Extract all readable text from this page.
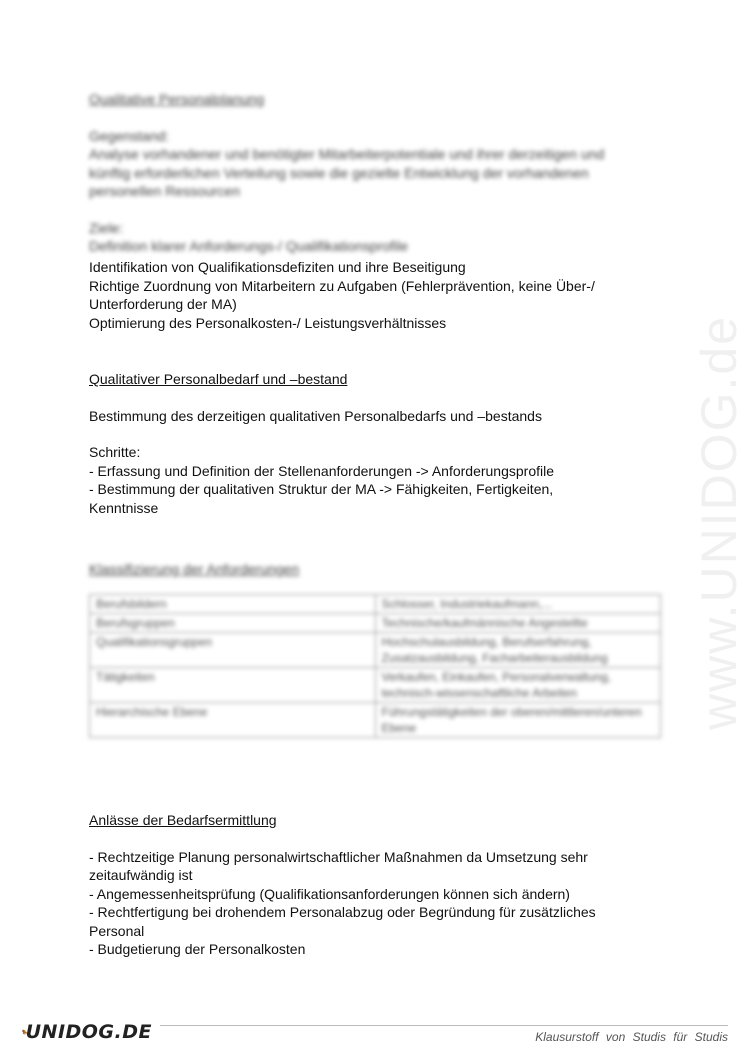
www.UNIDOG.de
Qualitative Personalplanung
Gegenstand:
Analyse vorhandener und benötigter Mitarbeiterpotentiale und ihrer derzeitigen und
künftig erforderlichen Verteilung sowie die gezielte Entwicklung der vorhandenen
personellen Ressourcen
Ziele:
Definition klarer Anforderungs-/ Qualifikationsprofile
Identifikation von Qualifikationsdefiziten und ihre Beseitigung
Richtige Zuordnung von Mitarbeitern zu Aufgaben (Fehlerprävention, keine Über-/
Unterforderung der MA)
Optimierung des Personalkosten-/ Leistungsverhältnisses
Qualitativer Personalbedarf und –bestand
Bestimmung des derzeitigen qualitativen Personalbedarfs und –bestands
Schritte:
- Erfassung und Definition der Stellenanforderungen -> Anforderungsprofile
- Bestimmung der qualitativen Struktur der MA -> Fähigkeiten, Fertigkeiten,
Kenntnisse
Klassifizierung der Anforderungen
Berufsbildern	Schlosser, Industriekaufmann,...
Berufsgruppen	Technische/kaufmännische Angestellte
Qualifikationsgruppen	Hochschulausbildung, Berufserfahrung, Zusatzausbildung, Facharbeiterausbildung
Tätigkeiten	Verkaufen, Einkaufen, Personalverwaltung, technisch-wissenschaftliche Arbeiten
Hierarchische Ebene	Führungstätigkeiten der oberen/mittleren/unteren Ebene
Anlässe der Bedarfsermittlung
- Rechtzeitige Planung personalwirtschaftlicher Maßnahmen da Umsetzung sehr
zeitaufwändig ist
- Angemessenheitsprüfung (Qualifikationsanforderungen können sich ändern)
- Rechtfertigung bei drohendem Personalabzug oder Begründung für zusätzliches
Personal
- Budgetierung der Personalkosten
UNIDOG.DE	Klausurstoff von Studis für Studis
